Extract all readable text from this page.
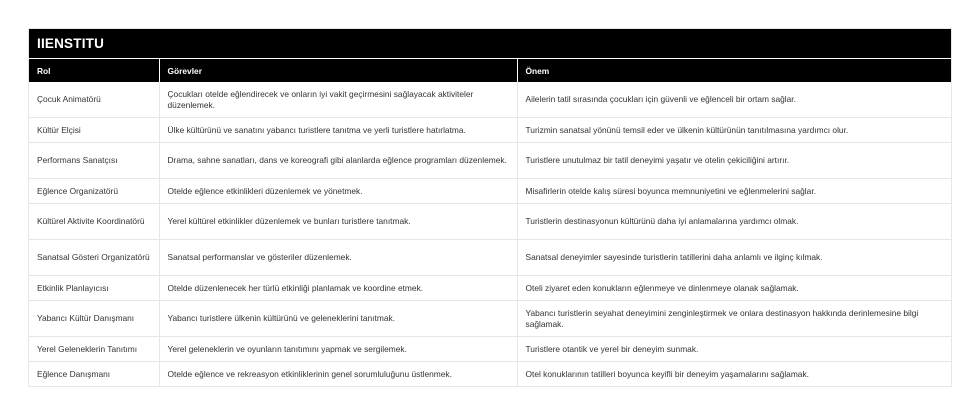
IIENSTITU
Rol	Görevler	Önem
Çocuk Animatörü	Çocukları otelde eğlendirecek ve onların iyi vakit geçirmesini sağlayacak aktiviteler düzenlemek.	Ailelerin tatil sırasında çocukları için güvenli ve eğlenceli bir ortam sağlar.
Kültür Elçisi	Ülke kültürünü ve sanatını yabancı turistlere tanıtma ve yerli turistlere hatırlatma.	Turizmin sanatsal yönünü temsil eder ve ülkenin kültürünün tanıtılmasına yardımcı olur.
Performans Sanatçısı	Drama, sahne sanatları, dans ve koreografi gibi alanlarda eğlence programları düzenlemek.	Turistlere unutulmaz bir tatil deneyimi yaşatır ve otelin çekiciliğini artırır.
Eğlence Organizatörü	Otelde eğlence etkinlikleri düzenlemek ve yönetmek.	Misafirlerin otelde kalış süresi boyunca memnuniyetini ve eğlenmelerini sağlar.
Kültürel Aktivite Koordinatörü	Yerel kültürel etkinlikler düzenlemek ve bunları turistlere tanıtmak.	Turistlerin destinasyonun kültürünü daha iyi anlamalarına yardımcı olmak.
Sanatsal Gösteri Organizatörü	Sanatsal performanslar ve gösteriler düzenlemek.	Sanatsal deneyimler sayesinde turistlerin tatillerini daha anlamlı ve ilginç kılmak.
Etkinlik Planlayıcısı	Otelde düzenlenecek her türlü etkinliği planlamak ve koordine etmek.	Oteli ziyaret eden konukların eğlenmeye ve dinlenmeye olanak sağlamak.
Yabancı Kültür Danışmanı	Yabancı turistlere ülkenin kültürünü ve geleneklerini tanıtmak.	Yabancı turistlerin seyahat deneyimini zenginleştirmek ve onlara destinasyon hakkında derinlemesine bilgi sağlamak.
Yerel Geleneklerin Tanıtımı	Yerel geleneklerin ve oyunların tanıtımını yapmak ve sergilemek.	Turistlere otantik ve yerel bir deneyim sunmak.
Eğlence Danışmanı	Otelde eğlence ve rekreasyon etkinliklerinin genel sorumluluğunu üstlenmek.	Otel konuklarının tatilleri boyunca keyifli bir deneyim yaşamalarını sağlamak.
